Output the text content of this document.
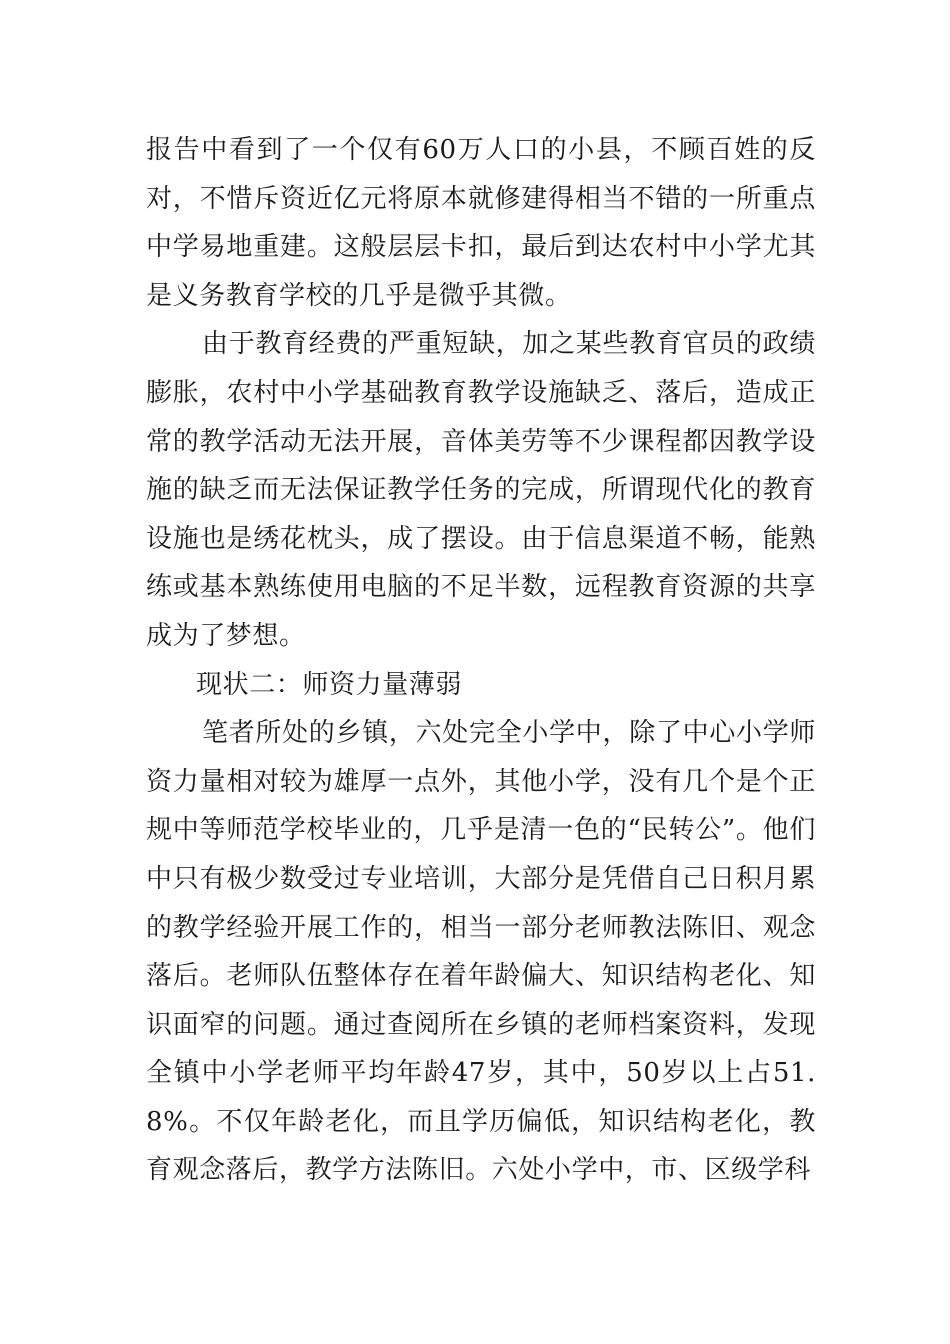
报告中看到了一个仅有60万人口的小县，不顾百姓的反对，不惜斥资近亿元将原本就修建得相当不错的一所重点中学易地重建。这般层层卡扣，最后到达农村中小学尤其是义务教育学校的几乎是微乎其微。

由于教育经费的严重短缺，加之某些教育官员的政绩膨胀，农村中小学基础教育教学设施缺乏、落后，造成正常的教学活动无法开展，音体美劳等不少课程都因教学设施的缺乏而无法保证教学任务的完成，所谓现代化的教育设施也是绣花枕头，成了摆设。由于信息渠道不畅，能熟练或基本熟练使用电脑的不足半数，远程教育资源的共享成为了梦想。

现状二：师资力量薄弱

笔者所处的乡镇，六处完全小学中，除了中心小学师资力量相对较为雄厚一点外，其他小学，没有几个是个正规中等师范学校毕业的，几乎是清一色的“民转公”。他们中只有极少数受过专业培训，大部分是凭借自己日积月累的教学经验开展工作的，相当一部分老师教法陈旧、观念落后。老师队伍整体存在着年龄偏大、知识结构老化、知识面窄的问题。通过查阅所在乡镇的老师档案资料，发现全镇中小学老师平均年龄47岁，其中，50岁以上占51.8%。不仅年龄老化，而且学历偏低，知识结构老化，教育观念落后，教学方法陈旧。六处小学中，市、区级学科
